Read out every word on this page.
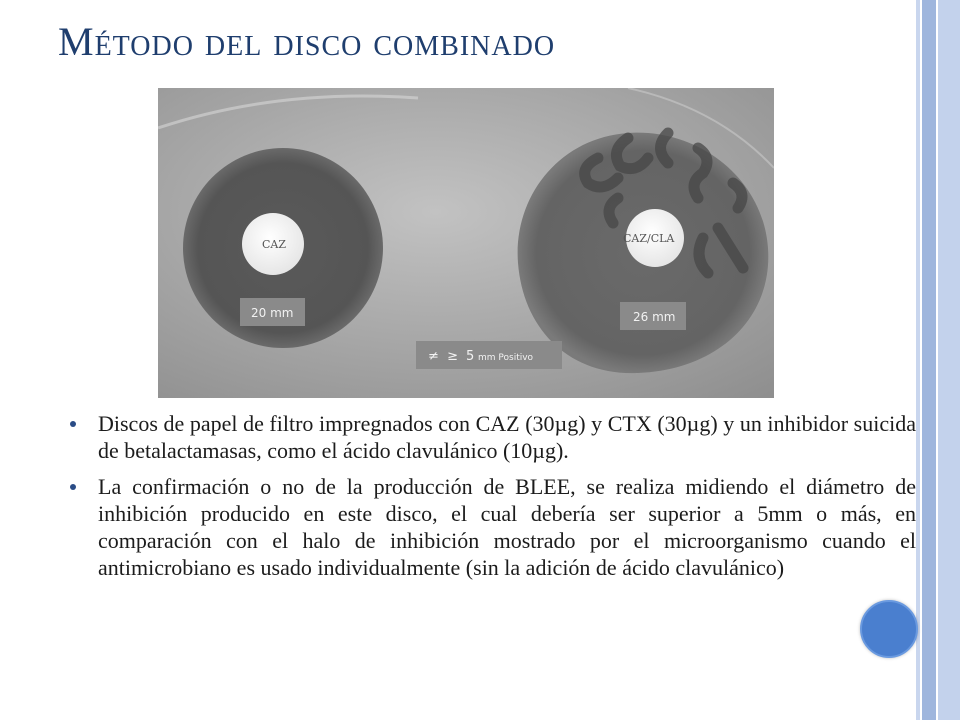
Método del disco combinado
CAZ	CAZ/CLA
20 mm	26 mm
≠  ≥ 5 mm Positivo

Discos de papel de filtro impregnados con CAZ (30µg) y CTX (30µg) y un inhibidor suicida de betalactamasas, como el ácido clavulánico (10µg).

La confirmación o no de la producción de BLEE, se realiza midiendo el diámetro de inhibición producido en este disco, el cual debería ser superior a 5mm o más, en comparación con el halo de inhibición mostrado por el microorganismo cuando el antimicrobiano es usado individualmente (sin la adición de ácido clavulánico)
